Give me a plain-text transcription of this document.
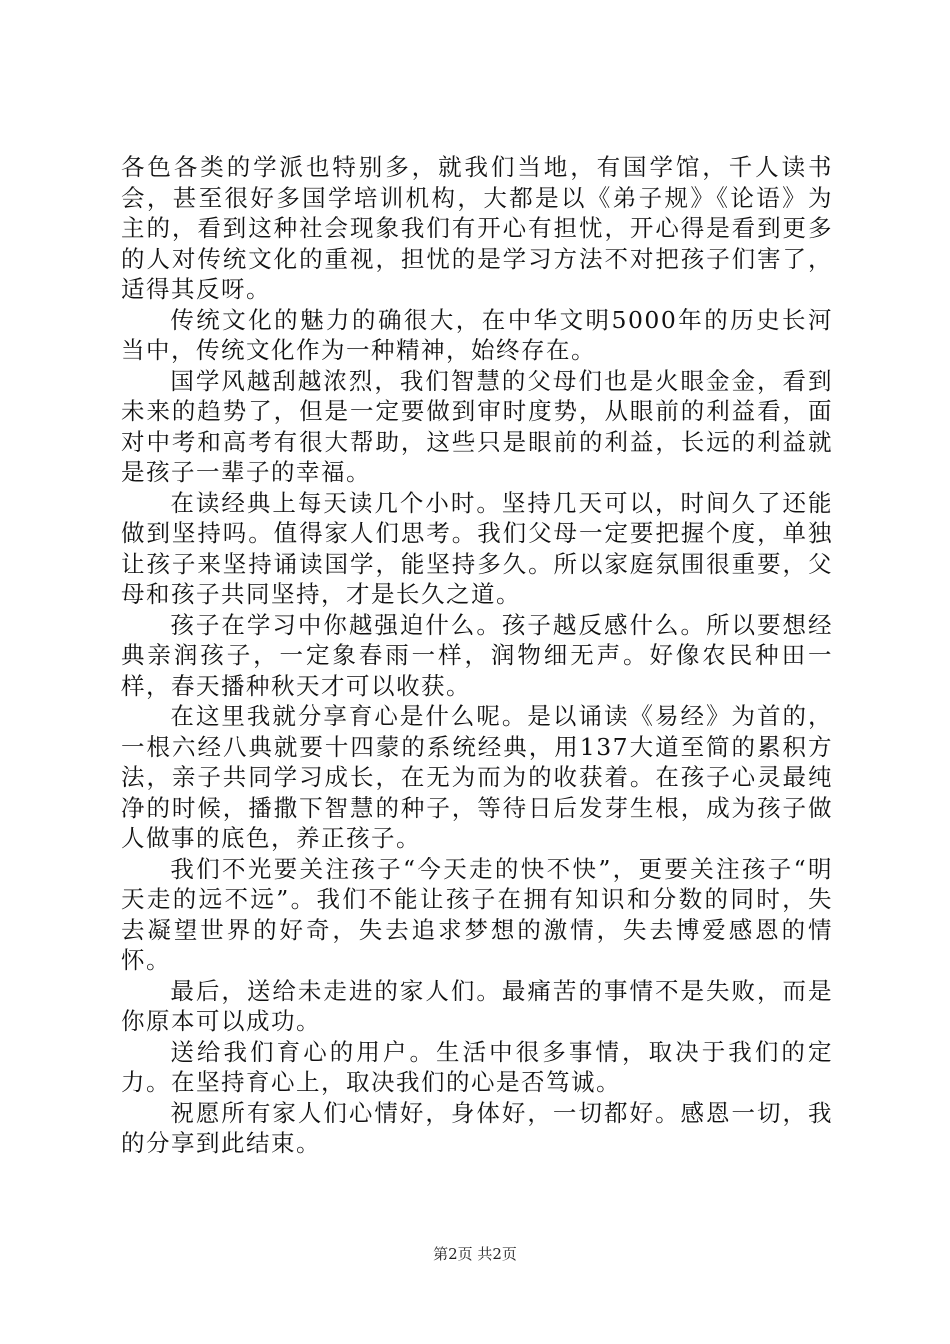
各色各类的学派也特别多，就我们当地，有国学馆，千人读书会，甚至很好多国学培训机构，大都是以《弟子规》《论语》为主的，看到这种社会现象我们有开心有担忧，开心得是看到更多的人对传统文化的重视，担忧的是学习方法不对把孩子们害了，适得其反呀。

传统文化的魅力的确很大，在中华文明5000年的历史长河当中，传统文化作为一种精神，始终存在。

国学风越刮越浓烈，我们智慧的父母们也是火眼金金，看到未来的趋势了，但是一定要做到审时度势，从眼前的利益看，面对中考和高考有很大帮助，这些只是眼前的利益，长远的利益就是孩子一辈子的幸福。

在读经典上每天读几个小时。坚持几天可以，时间久了还能做到坚持吗。值得家人们思考。我们父母一定要把握个度，单独让孩子来坚持诵读国学，能坚持多久。所以家庭氛围很重要，父母和孩子共同坚持，才是长久之道。

孩子在学习中你越强迫什么。孩子越反感什么。所以要想经典亲润孩子，一定象春雨一样，润物细无声。好像农民种田一样，春天播种秋天才可以收获。

在这里我就分享育心是什么呢。是以诵读《易经》为首的，一根六经八典就要十四蒙的系统经典，用137大道至简的累积方法，亲子共同学习成长，在无为而为的收获着。在孩子心灵最纯净的时候，播撒下智慧的种子，等待日后发芽生根，成为孩子做人做事的底色，养正孩子。

我们不光要关注孩子“今天走的快不快”，更要关注孩子“明天走的远不远”。我们不能让孩子在拥有知识和分数的同时，失去凝望世界的好奇，失去追求梦想的激情，失去博爱感恩的情怀。

最后，送给未走进的家人们。最痛苦的事情不是失败，而是你原本可以成功。

送给我们育心的用户。生活中很多事情，取决于我们的定力。在坚持育心上，取决我们的心是否笃诚。

祝愿所有家人们心情好，身体好，一切都好。感恩一切，我的分享到此结束。

第2页 共2页
